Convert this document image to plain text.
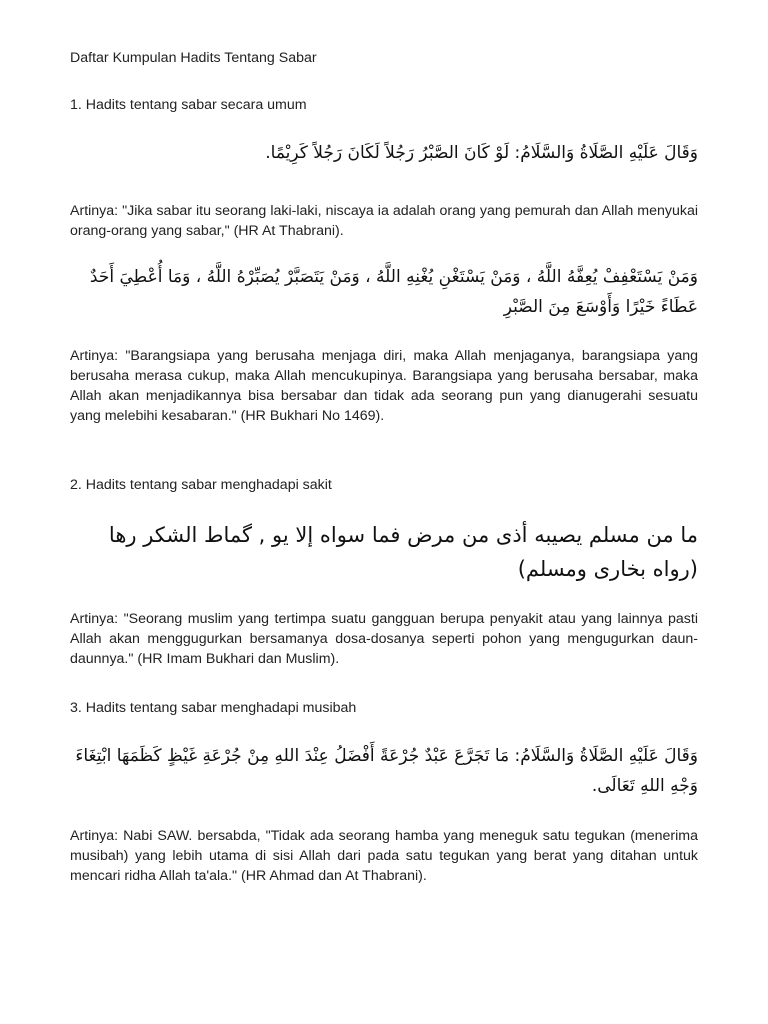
Daftar Kumpulan Hadits Tentang Sabar
1. Hadits tentang sabar secara umum
وَقَالَ عَلَيْهِ الصَّلَاةُ وَالسَّلَامُ: لَوْ كَانَ الصَّبْرُ رَجُلاً لَكَانَ رَجُلاً كَرِيْمًا.
Artinya: "Jika sabar itu seorang laki-laki, niscaya ia adalah orang yang pemurah dan Allah menyukai orang-orang yang sabar," (HR At Thabrani).
وَمَنْ يَسْتَعْفِفْ يُعِفَّهُ اللَّهُ ، وَمَنْ يَسْتَغْنِ يُغْنِهِ اللَّهُ ، وَمَنْ يَتَصَبَّرْ يُصَبِّرْهُ اللَّهُ ، وَمَا أُعْطِيَ أَحَدٌ عَطَاءً خَيْرًا وَأَوْسَعَ مِنَ الصَّبْرِ
Artinya: "Barangsiapa yang berusaha menjaga diri, maka Allah menjaganya, barangsiapa yang berusaha merasa cukup, maka Allah mencukupinya. Barangsiapa yang berusaha bersabar, maka Allah akan menjadikannya bisa bersabar dan tidak ada seorang pun yang dianugerahi sesuatu yang melebihi kesabaran." (HR Bukhari No 1469).
2. Hadits tentang sabar menghadapi sakit
ما من مسلم يصيبه أذى من مرض فما سواه إلا يو , گماط الشكر رها (رواه بخارى ومسلم)
Artinya: "Seorang muslim yang tertimpa suatu gangguan berupa penyakit atau yang lainnya pasti Allah akan menggugurkan bersamanya dosa-dosanya seperti pohon yang mengugurkan daun-daunnya." (HR Imam Bukhari dan Muslim).
3. Hadits tentang sabar menghadapi musibah
وَقَالَ عَلَيْهِ الصَّلَاةُ وَالسَّلَامُ: مَا تَجَرَّعَ عَبْدٌ جُرْعَةً أَفْضَلُ عِنْدَ اللهِ مِنْ جُرْعَةِ غَيْظٍ كَظَمَهَا ابْتِغَاءَ وَجْهِ اللهِ تَعَالَى.
Artinya: Nabi SAW. bersabda, "Tidak ada seorang hamba yang meneguk satu tegukan (menerima musibah) yang lebih utama di sisi Allah dari pada satu tegukan yang berat yang ditahan untuk mencari ridha Allah ta'ala." (HR Ahmad dan At Thabrani).
